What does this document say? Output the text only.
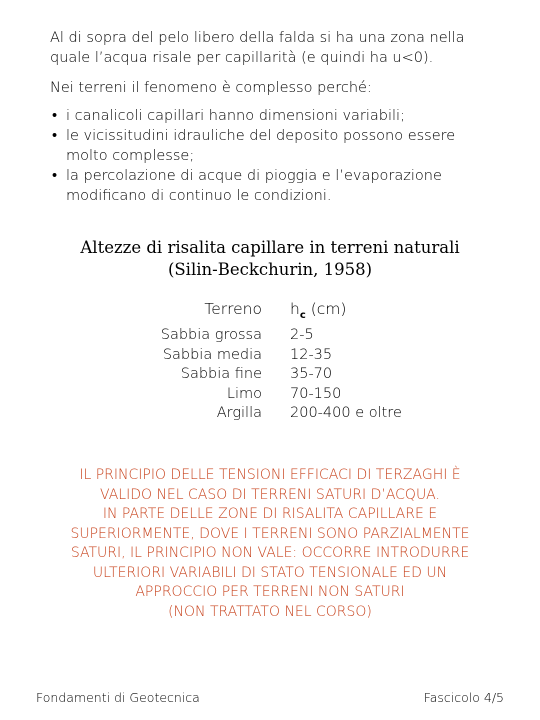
Al di sopra del pelo libero della falda si ha una zona nella quale l’acqua risale per capillarità (e quindi ha u<0).

Nei terreni il fenomeno è complesso perché:

• i canalicoli capillari hanno dimensioni variabili;
• le vicissitudini idrauliche del deposito possono essere molto complesse;
• la percolazione di acque di pioggia e l’evaporazione modificano di continuo le condizioni.
Altezze di risalita capillare in terreni naturali
(Silin-Beckchurin, 1958)
Terreno $h_c$ (cm)
Sabbia grossa
Sabbia media
Sabbia fine
Limo
Argilla
2-5
12-35
35-70
70-150
200-400 e oltre
IL PRINCIPIO DELLE TENSIONI EFFICACI DI TERZAGHI È
VALIDO NEL CASO DI TERRENI SATURI D’ACQUA.
IN PARTE DELLE ZONE DI RISALITA CAPILLARE E
SUPERIORMENTE, DOVE I TERRENI SONO PARZIALMENTE
SATURI, IL PRINCIPIO NON VALE: OCCORRE INTRODURRE
ULTERIORI VARIABILI DI STATO TENSIONALE ED UN
APPROCCIO PER TERRENI NON SATURI
(NON TRATTATO NEL CORSO)
Fondamenti di Geotecnica	Fascicolo 4/5
